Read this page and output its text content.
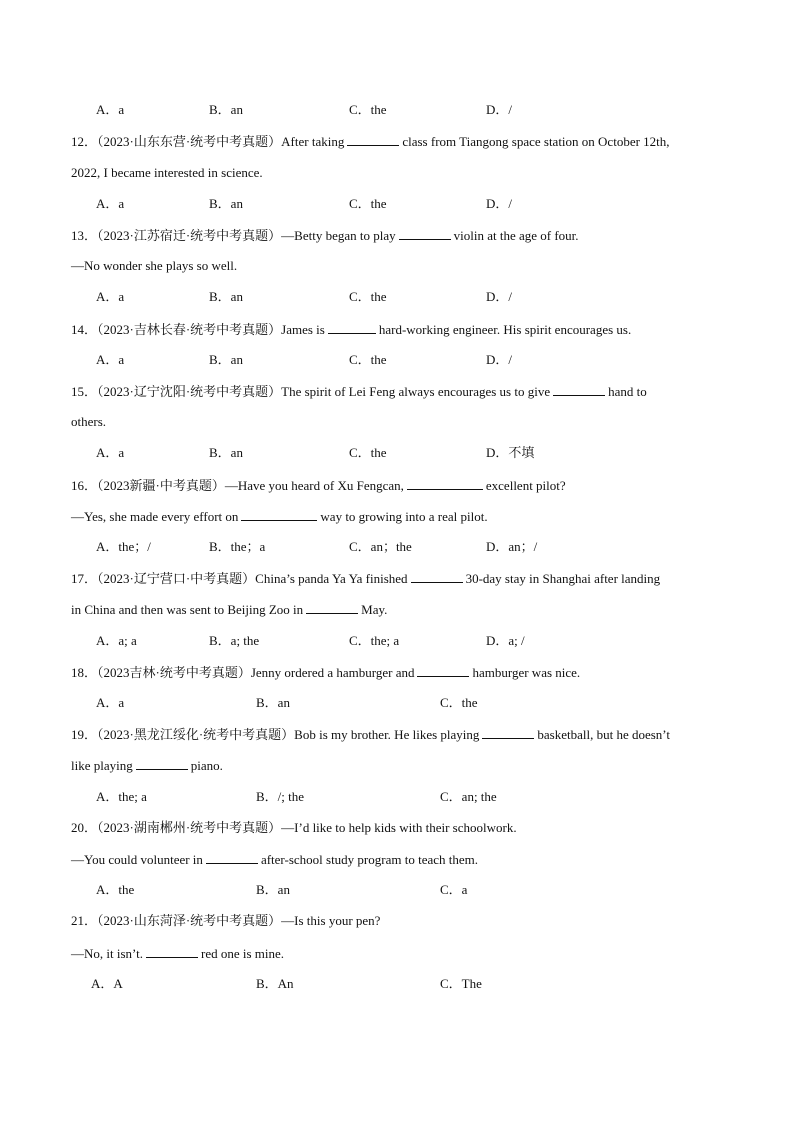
A．a	B．an	C．the	D．/
12．（2023·山东东营·统考中考真题）After taking	class from Tiangong space station on October 12th,
2022, I became interested in science.
A．a	B．an	C．the	D．/
13．（2023·江苏宿迁·统考中考真题）—Betty began to play	violin at the age of four.
—No wonder she plays so well.
A．a	B．an	C．the	D．/
14．（2023·吉林长春·统考中考真题）James is	hard-working engineer. His spirit encourages us.
A．a	B．an	C．the	D．/
15．（2023·辽宁沈阳·统考中考真题）The spirit of Lei Feng always encourages us to give	hand to
others.
A．a	B．an	C．the	D．不填
16．（2023新疆·中考真题）—Have you heard of Xu Fengcan,	excellent pilot?
—Yes, she made every effort on	way to growing into a real pilot.
A．the；/	B．the；a	C．an；the	D．an；/
17．（2023·辽宁营口·中考真题）China’s panda Ya Ya finished	30-day stay in Shanghai after landing
in China and then was sent to Beijing Zoo in	May.
A．a; a	B．a; the	C．the; a	D．a; /
18．（2023吉林·统考中考真题）Jenny ordered a hamburger and	hamburger was nice.
A．a	B．an	C．the
19．（2023·黑龙江绥化·统考中考真题）Bob is my brother. He likes playing	basketball, but he doesn’t
like playing	piano.
A．the; a	B．/; the	C．an; the
20．（2023·湖南郴州·统考中考真题）—I’d like to help kids with their schoolwork.
—You could volunteer in	after-school study program to teach them.
A．the	B．an	C．a
21．（2023·山东菏泽·统考中考真题）—Is this your pen?
—No, it isn’t.	red one is mine.
A．A	B．An	C．The
